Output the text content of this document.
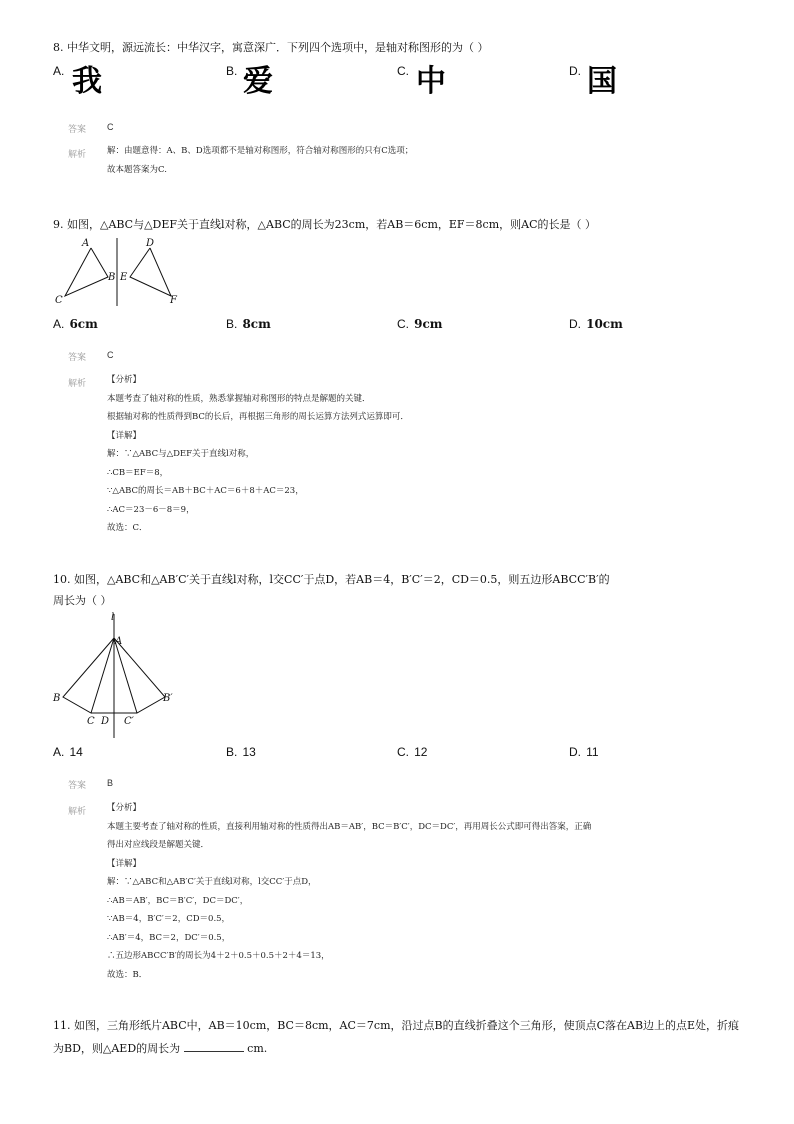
8. 中华文明，源远流长：中华汉字，寓意深广．下列四个选项中，是轴对称图形的为（ ）
A. 我	B. 爱	C. 中	D. 国
答案 C
解析 解：由题意得：A、B、D选项都不是轴对称图形，符合轴对称图形的只有C选项；
故本题答案为C.
9. 如图，△ABC与△DEF关于直线l对称，△ABC的周长为23cm，若AB＝6cm，EF＝8cm，则AC的长是（ ）
A
B
C
D
E
F
A. 6cm	B. 8cm	C. 9cm	D. 10cm
答案 C
解析 【分析】
本题考查了轴对称的性质，熟悉掌握轴对称图形的特点是解题的关键．
根据轴对称的性质得到BC的长后，再根据三角形的周长运算方法列式运算即可．
【详解】
解：∵△ABC与△DEF关于直线l对称，
∴CB＝EF＝8，
∵△ABC的周长＝AB＋BC＋AC＝6＋8＋AC＝23，
∴AC＝23－6－8＝9，
故选：C．
10. 如图，△ABC和△AB′C′关于直线l对称，l交CC′于点D，若AB＝4，B′C′＝2，CD＝0.5，则五边形ABCC′B′的
周长为（ ）
l
A
B	B′
C D C′
A. 14	B. 13	C. 12	D. 11
答案 B
解析 【分析】
本题主要考查了轴对称的性质，直接利用轴对称的性质得出AB＝AB′，BC＝B′C′，DC＝DC′，再用周长公式即可得出答案，正确
得出对应线段是解题关键．
【详解】
解：∵△ABC和△AB′C′关于直线l对称，l交CC′于点D，
∴AB＝AB′，BC＝B′C′，DC＝DC′，
∵AB＝4，B′C′＝2，CD＝0.5，
∴AB′＝4，BC＝2，DC′＝0.5，
∴五边形ABCC′B′的周长为4＋2＋0.5＋0.5＋2＋4＝13，
故选：B．
11. 如图，三角形纸片ABC中，AB＝10cm，BC＝8cm，AC＝7cm，沿过点B的直线折叠这个三角形，使顶点C落在AB边上的点E处，折痕
为BD，则△AED的周长为	cm.
